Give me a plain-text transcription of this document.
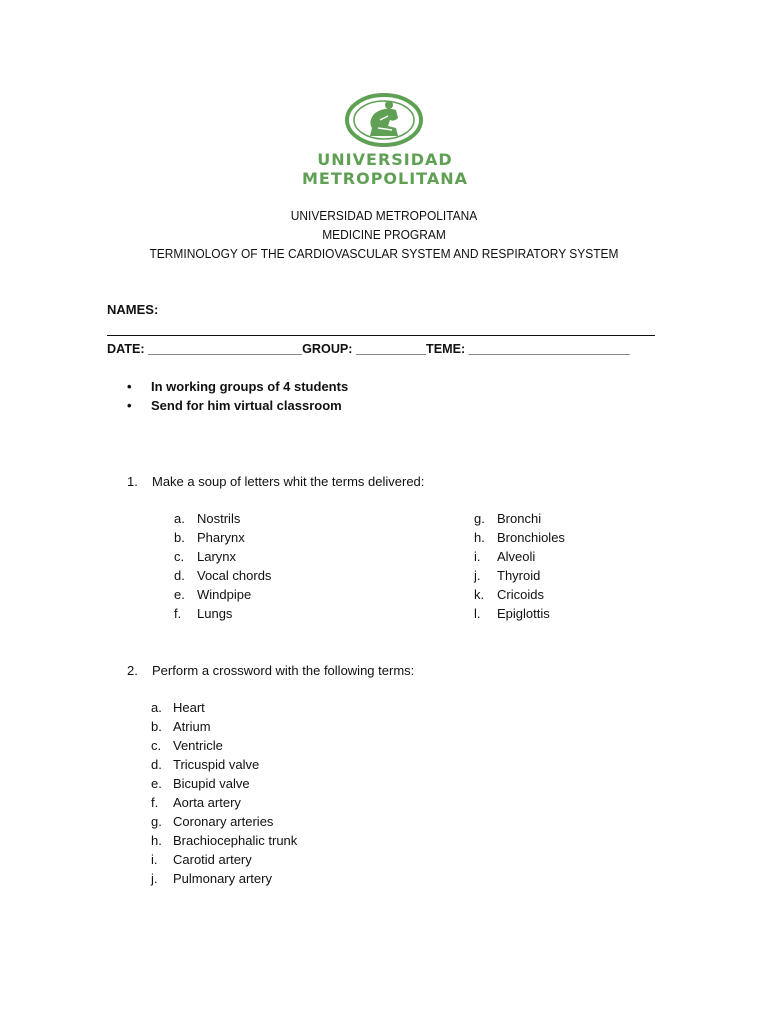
UNIVERSIDAD
METROPOLITANA
UNIVERSIDAD METROPOLITANA
MEDICINE PROGRAM
TERMINOLOGY OF THE CARDIOVASCULAR SYSTEM AND RESPIRATORY SYSTEM
NAMES:
DATE: ______________________GROUP: __________TEME: _______________________
•	In working groups of 4 students
•	Send for him virtual classroom
1. Make a soup of letters whit the terms delivered:
a. Nostrils
b. Pharynx
c. Larynx
d. Vocal chords
e. Windpipe
f. Lungs
g. Bronchi
h. Bronchioles
i. Alveoli
j. Thyroid
k. Cricoids
l. Epiglottis
2. Perform a crossword with the following terms:
a. Heart
b. Atrium
c. Ventricle
d. Tricuspid valve
e. Bicupid valve
f. Aorta artery
g. Coronary arteries
h. Brachiocephalic trunk
i. Carotid artery
j. Pulmonary artery
